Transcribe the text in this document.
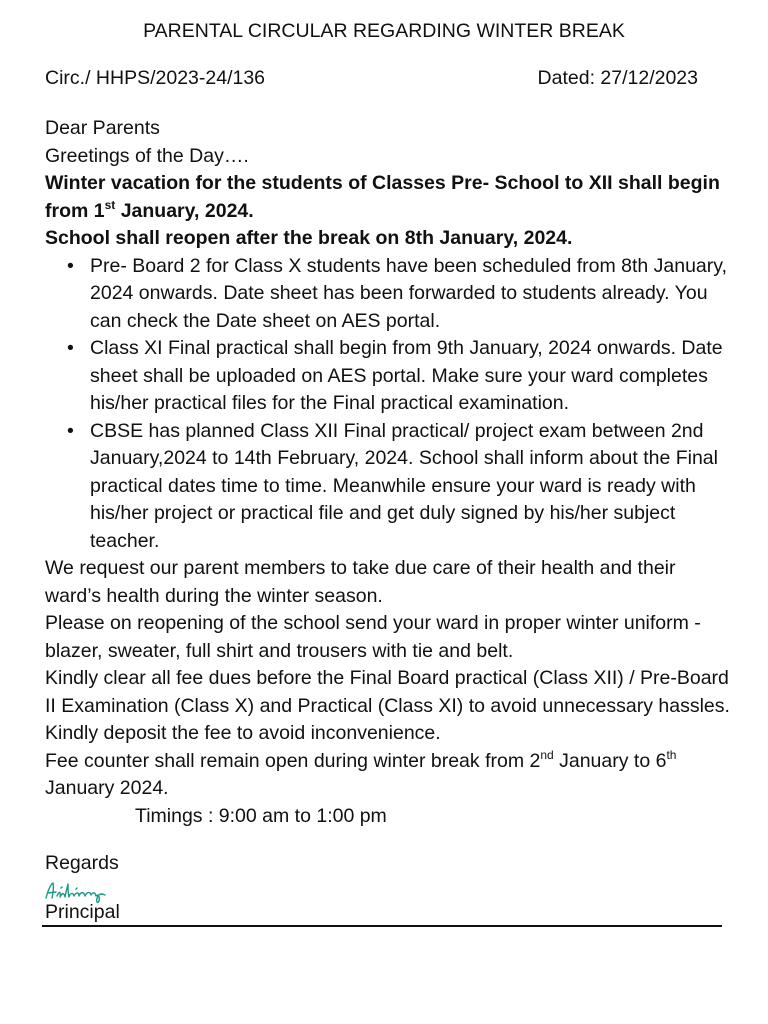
PARENTAL CIRCULAR REGARDING WINTER BREAK
Circ./ HHPS/2023-24/136	Dated: 27/12/2023

Dear Parents

Greetings of the Day….

Winter vacation for the students of Classes Pre- School to XII shall begin from 1st January, 2024.

School shall reopen after the break on 8th January, 2024.

• Pre- Board 2 for Class X students have been scheduled from 8th January, 2024 onwards. Date sheet has been forwarded to students already. You can check the Date sheet on AES portal.
• Class XI Final practical shall begin from 9th January, 2024 onwards. Date sheet shall be uploaded on AES portal. Make sure your ward completes his/her practical files for the Final practical examination.
• CBSE has planned Class XII Final practical/ project exam between 2nd January,2024 to 14th February, 2024. School shall inform about the Final practical dates time to time. Meanwhile ensure your ward is ready with his/her project or practical file and get duly signed by his/her subject teacher.

We request our parent members to take due care of their health and their ward’s health during the winter season.

Please on reopening of the school send your ward in proper winter uniform - blazer, sweater, full shirt and trousers with tie and belt.

Kindly clear all fee dues before the Final Board practical (Class XII) / Pre-Board II Examination (Class X) and Practical (Class XI) to avoid unnecessary hassles. Kindly deposit the fee to avoid inconvenience.

Fee counter shall remain open during winter break from 2nd January to 6th January 2024.

Timings : 9:00 am to 1:00 pm

Regards
Principal
